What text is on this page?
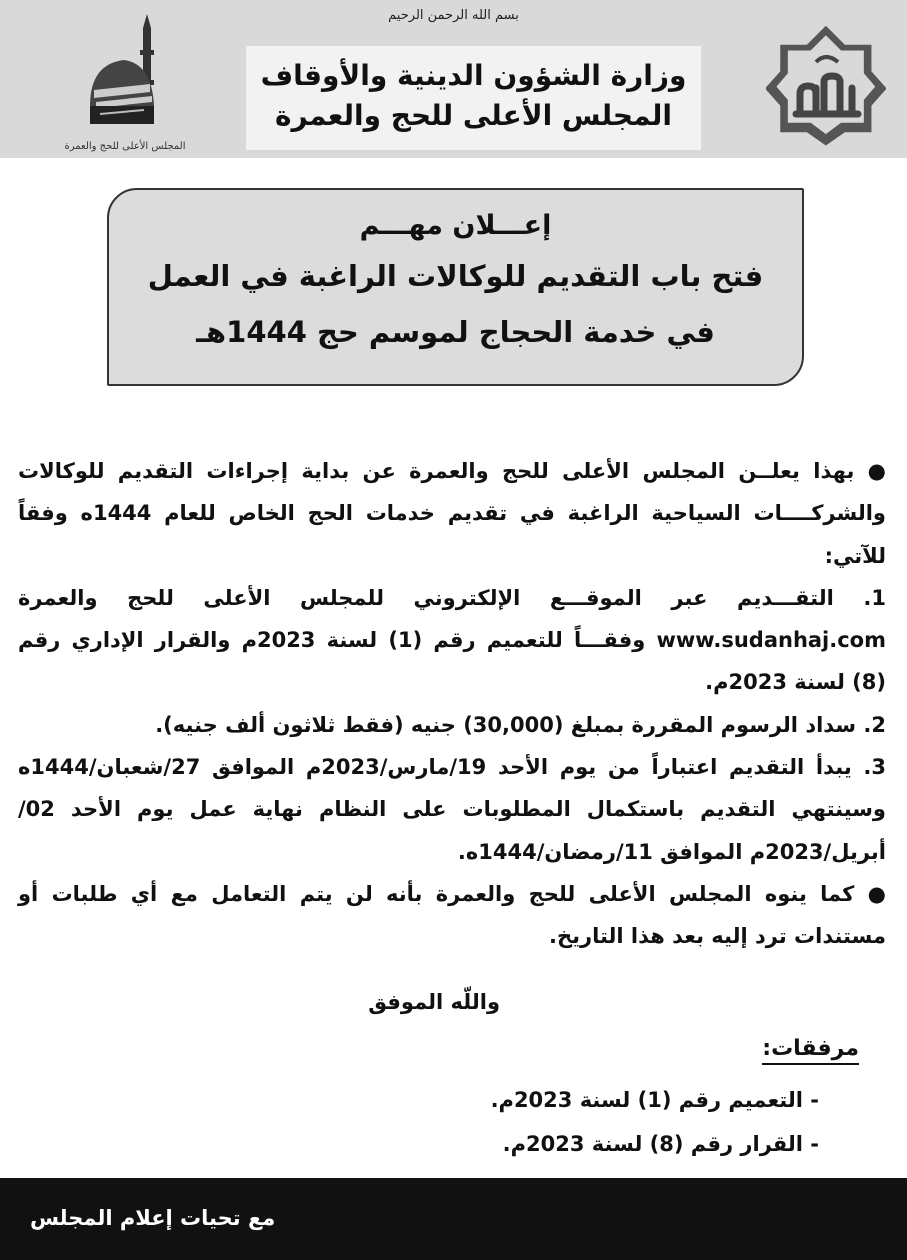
بسم الله الرحمن الرحيم
المجلس الأعلى للحج والعمرة
وزارة الشؤون الدينية والأوقاف
المجلس الأعلى للحج والعمرة
إعـــلان مهـــم
فتح باب التقديم للوكالات الراغبة في العمل
في خدمة الحجاج لموسم حج 1444هـ

● بهذا يعلــن المجلس الأعلى للحج والعمرة عن بداية إجراءات التقديم للوكالات والشركــــات السياحية الراغبة في تقديم خدمات الحج الخاص للعام 1444ه وفقاً للآتي:

1. التقـــديم عبر الموقـــع الإلكتروني للمجلس الأعلى للحج والعمرة www.sudanhaj.com وفقـــاً للتعميم رقم (1) لسنة 2023م والقرار الإداري رقم (8) لسنة 2023م.

2. سداد الرسوم المقررة بمبلغ (30,000) جنيه (فقط ثلاثون ألف جنيه).

3. يبدأ التقديم اعتباراً من يوم الأحد 19/مارس/2023م الموافق 27/شعبان/1444ه وسينتهي التقديم باستكمال المطلوبات على النظام نهاية عمل يوم الأحد 02/أبريل/2023م الموافق 11/رمضان/1444ه.

● كما ينوه المجلس الأعلى للحج والعمرة بأنه لن يتم التعامل مع أي طلبات أو مستندات ترد إليه بعد هذا التاريخ.

واللّه الموفق
مرفقات:
- التعميم رقم (1) لسنة 2023م.
- القرار رقم (8) لسنة 2023م.
مع تحيات إعلام المجلس
